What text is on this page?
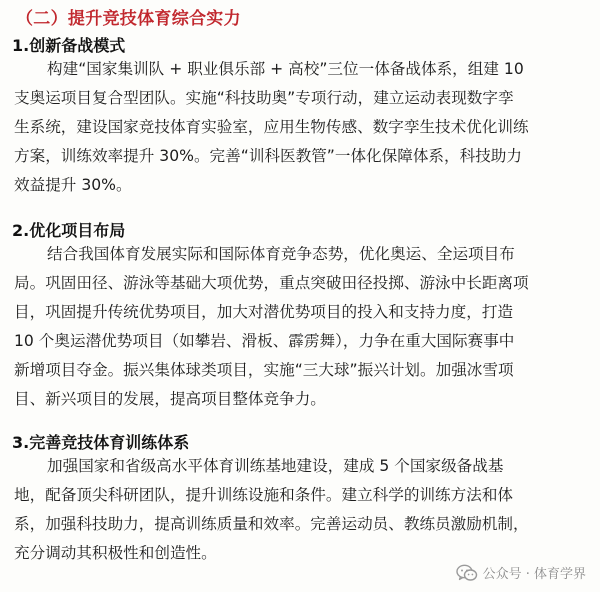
（二）提升竞技体育综合实力
1.创新备战模式
构建“国家集训队 + 职业俱乐部 + 高校”三位一体备战体系，组建 10
支奥运项目复合型团队。实施“科技助奥”专项行动，建立运动表现数字孪
生系统，建设国家竞技体育实验室，应用生物传感、数字孪生技术优化训练
方案，训练效率提升 30%。完善“训科医教管”一体化保障体系，科技助力
效益提升 30%。
2.优化项目布局
结合我国体育发展实际和国际体育竞争态势，优化奥运、全运项目布
局。巩固田径、游泳等基础大项优势，重点突破田径投掷、游泳中长距离项
目，巩固提升传统优势项目，加大对潜优势项目的投入和支持力度，打造
10 个奥运潜优势项目（如攀岩、滑板、霹雳舞），力争在重大国际赛事中
新增项目夺金。振兴集体球类项目，实施“三大球”振兴计划。加强冰雪项
目、新兴项目的发展，提高项目整体竞争力。
3.完善竞技体育训练体系
加强国家和省级高水平体育训练基地建设，建成 5 个国家级备战基
地，配备顶尖科研团队，提升训练设施和条件。建立科学的训练方法和体
系，加强科技助力，提高训练质量和效率。完善运动员、教练员激励机制，
充分调动其积极性和创造性。
公众号 · 体育学界
